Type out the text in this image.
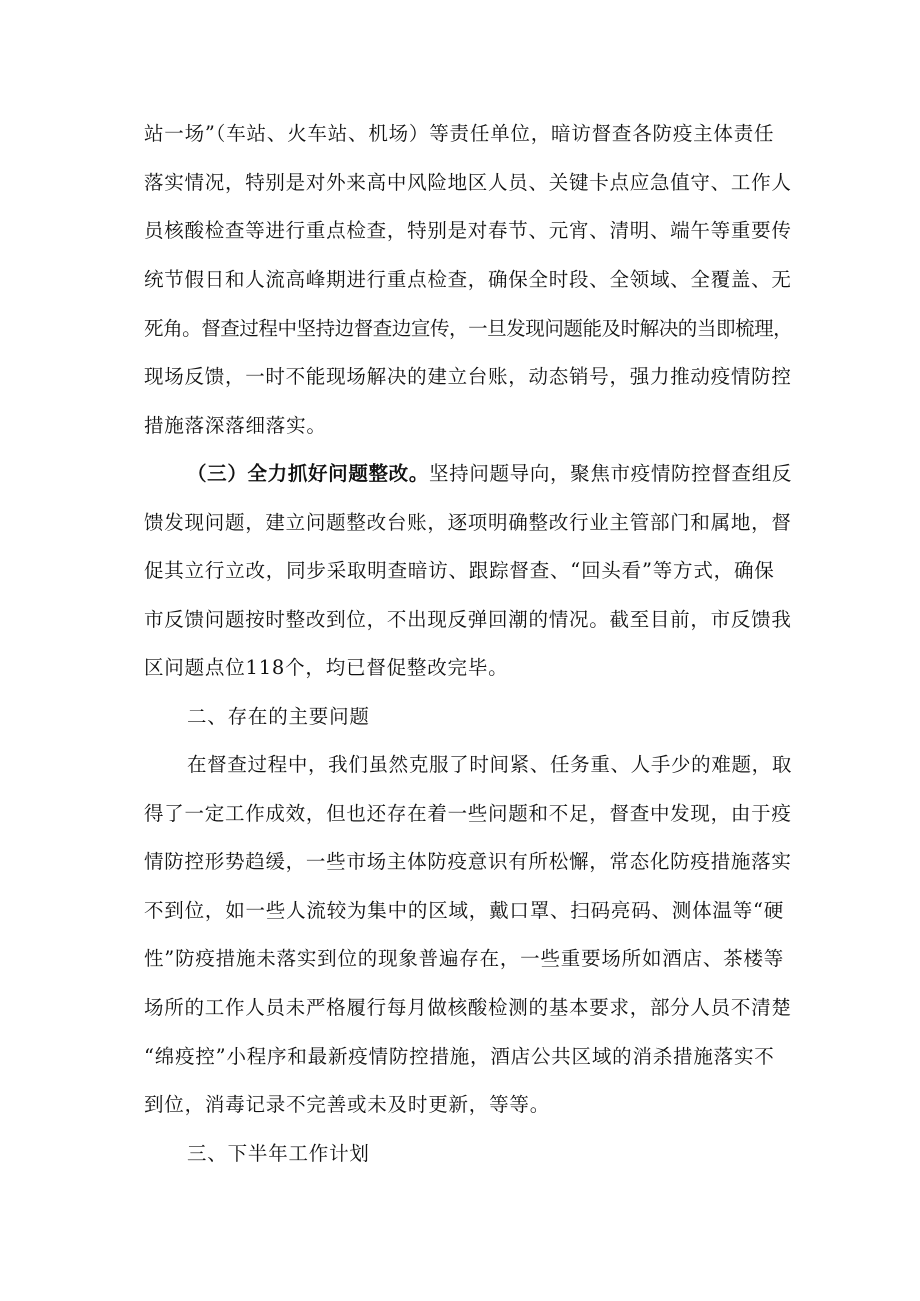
站一场”（车站、火车站、机场）等责任单位，暗访督查各防疫主体责任
落实情况，特别是对外来高中风险地区人员、关键卡点应急值守、工作人
员核酸检查等进行重点检查，特别是对春节、元宵、清明、端午等重要传
统节假日和人流高峰期进行重点检查，确保全时段、全领域、全覆盖、无
死角。督查过程中坚持边督查边宣传，一旦发现问题能及时解决的当即梳理，
现场反馈，一时不能现场解决的建立台账，动态销号，强力推动疫情防控
措施落深落细落实。
（三）全力抓好问题整改。坚持问题导向，聚焦市疫情防控督查组反
馈发现问题，建立问题整改台账，逐项明确整改行业主管部门和属地，督
促其立行立改，同步采取明查暗访、跟踪督查、“回头看”等方式，确保
市反馈问题按时整改到位，不出现反弹回潮的情况。截至目前，市反馈我
区问题点位118个，均已督促整改完毕。
二、存在的主要问题
在督查过程中，我们虽然克服了时间紧、任务重、人手少的难题，取
得了一定工作成效，但也还存在着一些问题和不足，督查中发现，由于疫
情防控形势趋缓，一些市场主体防疫意识有所松懈，常态化防疫措施落实
不到位，如一些人流较为集中的区域，戴口罩、扫码亮码、测体温等“硬
性”防疫措施未落实到位的现象普遍存在，一些重要场所如酒店、茶楼等
场所的工作人员未严格履行每月做核酸检测的基本要求，部分人员不清楚
“绵疫控”小程序和最新疫情防控措施，酒店公共区域的消杀措施落实不
到位，消毒记录不完善或未及时更新，等等。
三、下半年工作计划
